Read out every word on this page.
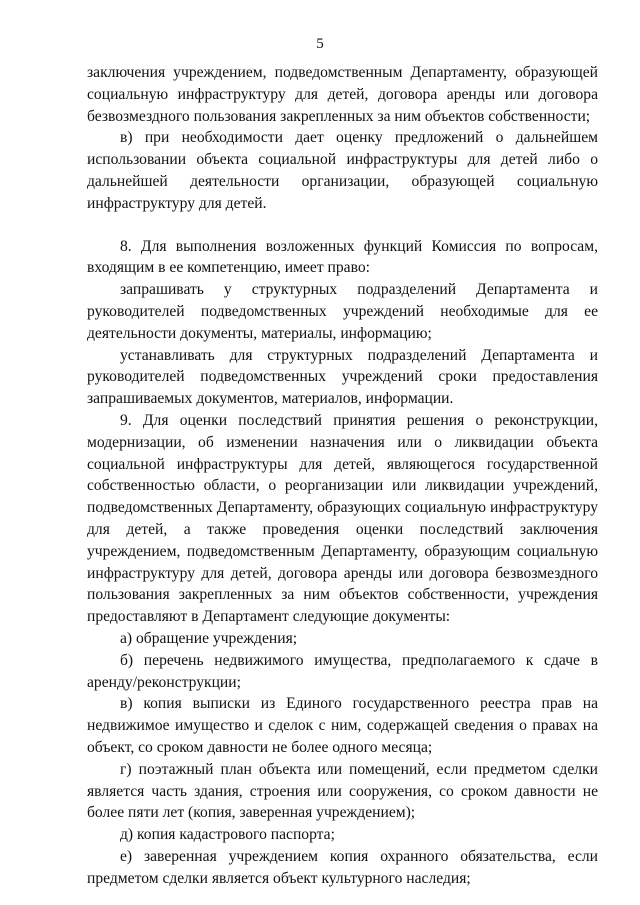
5

заключения учреждением, подведомственным Департаменту, образующей социальную инфраструктуру для детей, договора аренды или договора безвозмездного пользования закрепленных за ним объектов собственности;

в) при необходимости дает оценку предложений о дальнейшем использовании объекта социальной инфраструктуры для детей либо о дальнейшей деятельности организации, образующей социальную инфраструктуру для детей.

8. Для выполнения возложенных функций Комиссия по вопросам, входящим в ее компетенцию, имеет право:

запрашивать у структурных подразделений Департамента и руководителей подведомственных учреждений необходимые для ее деятельности документы, материалы, информацию;

устанавливать для структурных подразделений Департамента и руководителей подведомственных учреждений сроки предоставления запрашиваемых документов, материалов, информации.

9. Для оценки последствий принятия решения о реконструкции, модернизации, об изменении назначения или о ликвидации объекта социальной инфраструктуры для детей, являющегося государственной собственностью области, о реорганизации или ликвидации учреждений, подведомственных Департаменту, образующих социальную инфраструктуру для детей, а также проведения оценки последствий заключения учреждением, подведомственным Департаменту, образующим социальную инфраструктуру для детей, договора аренды или договора безвозмездного пользования закрепленных за ним объектов собственности, учреждения предоставляют в Департамент следующие документы:

а) обращение учреждения;

б) перечень недвижимого имущества, предполагаемого к сдаче в аренду/реконструкции;

в) копия выписки из Единого государственного реестра прав на недвижимое имущество и сделок с ним, содержащей сведения о правах на объект, со сроком давности не более одного месяца;

г) поэтажный план объекта или помещений, если предметом сделки является часть здания, строения или сооружения, со сроком давности не более пяти лет (копия, заверенная учреждением);

д) копия кадастрового паспорта;

е) заверенная учреждением копия охранного обязательства, если предметом сделки является объект культурного наследия;
